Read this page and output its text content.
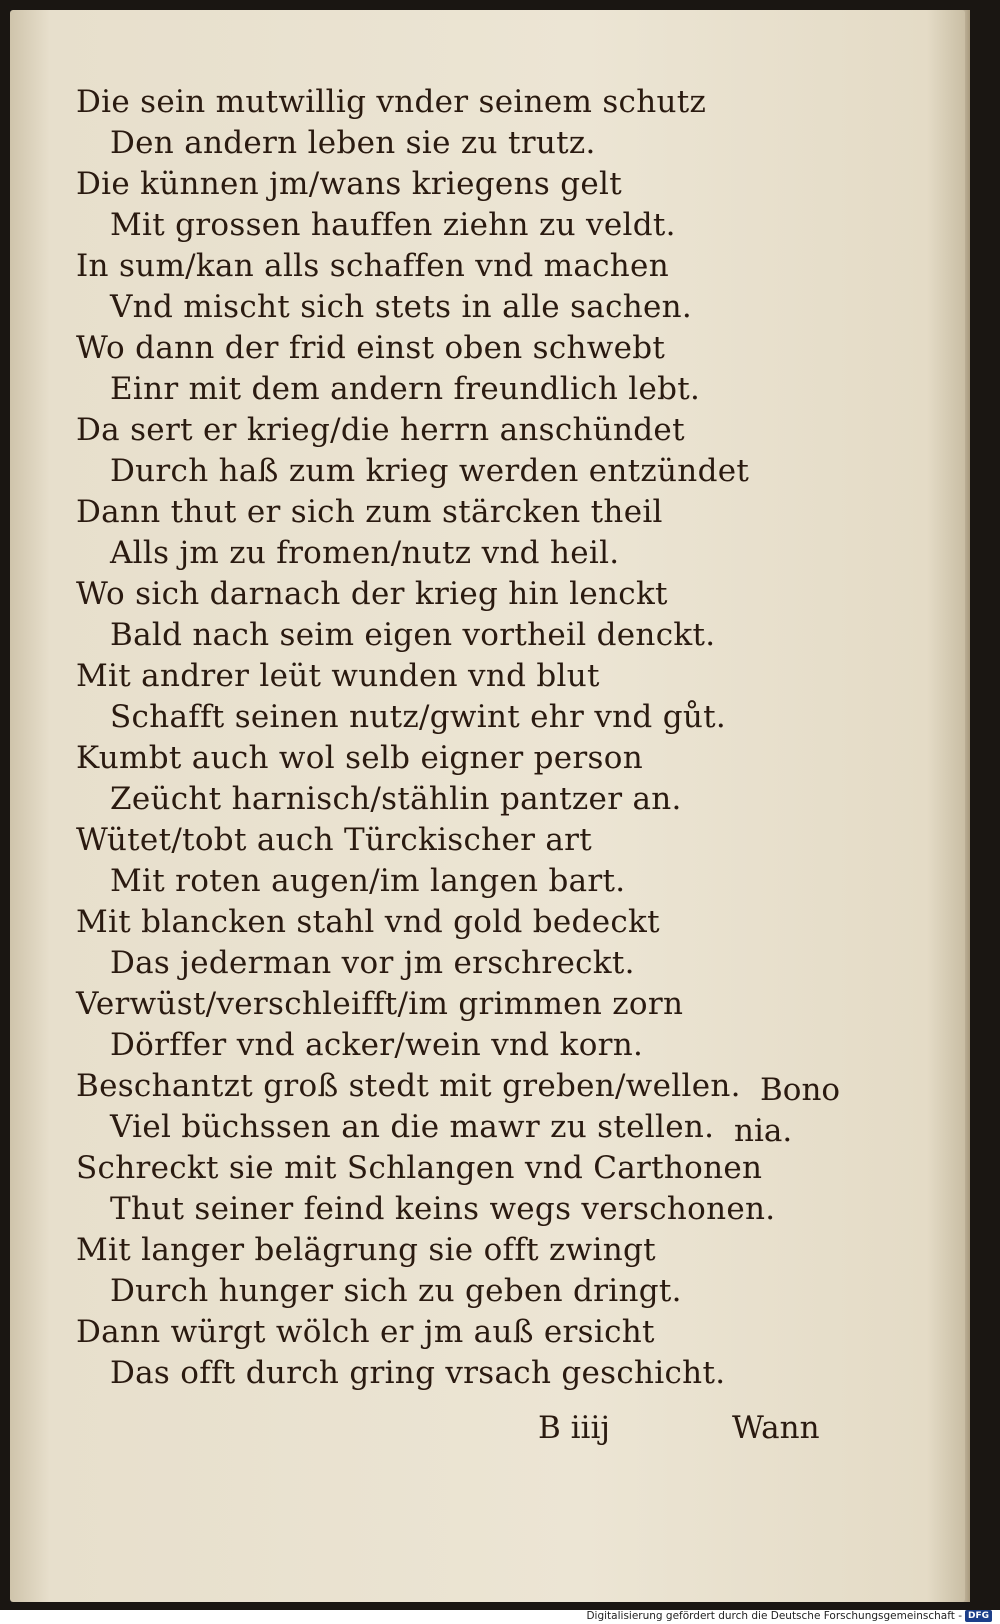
Die sein mutwillig vnder seinem schutz
Den andern leben sie zu trutz.
Die künnen jm/wans kriegens gelt
Mit grossen hauffen ziehn zu veldt.
In sum/kan alls schaffen vnd machen
Vnd mischt sich stets in alle sachen.
Wo dann der frid einst oben schwebt
Einr mit dem andern freundlich lebt.
Da sert er krieg/die herrn anschündet
Durch haß zum krieg werden entzündet
Dann thut er sich zum stärcken theil
Alls jm zu fromen/nutz vnd heil.
Wo sich darnach der krieg hin lenckt
Bald nach seim eigen vortheil denckt.
Mit andrer leüt wunden vnd blut
Schafft seinen nutz/gwint ehr vnd gůt.
Kumbt auch wol selb eigner person
Zeücht harnisch/stählin pantzer an.
Wütet/tobt auch Türckischer art
Mit roten augen/im langen bart.
Mit blancken stahl vnd gold bedeckt
Das jederman vor jm erschreckt.
Verwüst/verschleifft/im grimmen zorn
Dörffer vnd acker/wein vnd korn.
Beschantzt groß stedt mit greben/wellen.
Viel büchssen an die mawr zu stellen.
Schreckt sie mit Schlangen vnd Carthonen
Thut seiner feind keins wegs verschonen.
Mit langer belägrung sie offt zwingt
Durch hunger sich zu geben dringt.
Dann würgt wölch er jm auß ersicht
Das offt durch gring vrsach geschicht.
Bono
nia.
B iiij	Wann
Digitalisierung gefördert durch die Deutsche Forschungsgemeinschaft - DFG
